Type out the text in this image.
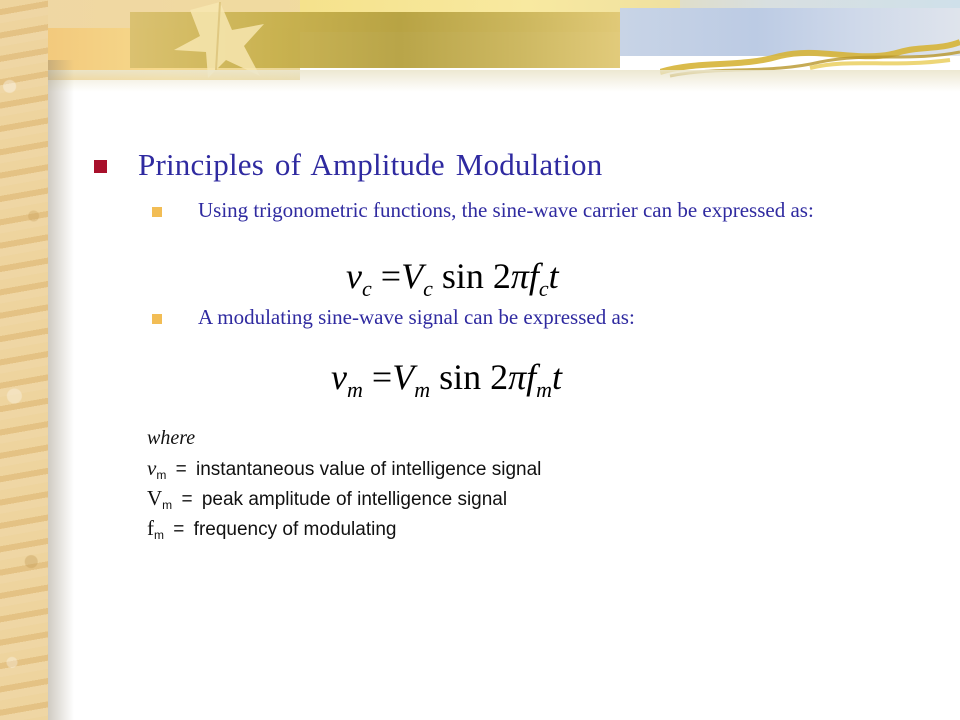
Principles of Amplitude Modulation
Using trigonometric functions, the sine-wave carrier can be expressed as:
$v_c =V_c$ $\sin 2\pi f_ct$
A modulating sine-wave signal can be expressed as:
$v_m =V_m$ $\sin 2\pi f_mt$
where
$v_m$ = instantaneous value of intelligence signal
$V_m$ = peak amplitude of intelligence signal
$f_m$ = frequency of modulating
